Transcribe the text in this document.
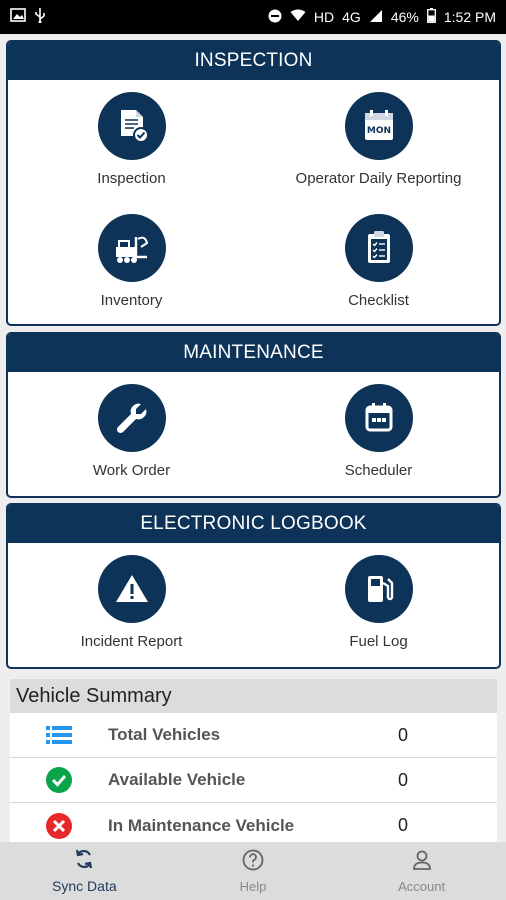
HD 4G 46% 1:52 PM
INSPECTION
Inspection
MON
Operator Daily Reporting
Inventory	Checklist
MAINTENANCE
Work Order	Scheduler
ELECTRONIC LOGBOOK
Incident Report	Fuel Log
Vehicle Summary
Total Vehicles	0
Available Vehicle	0
In Maintenance Vehicle	0
Sync Data	Help	Account
